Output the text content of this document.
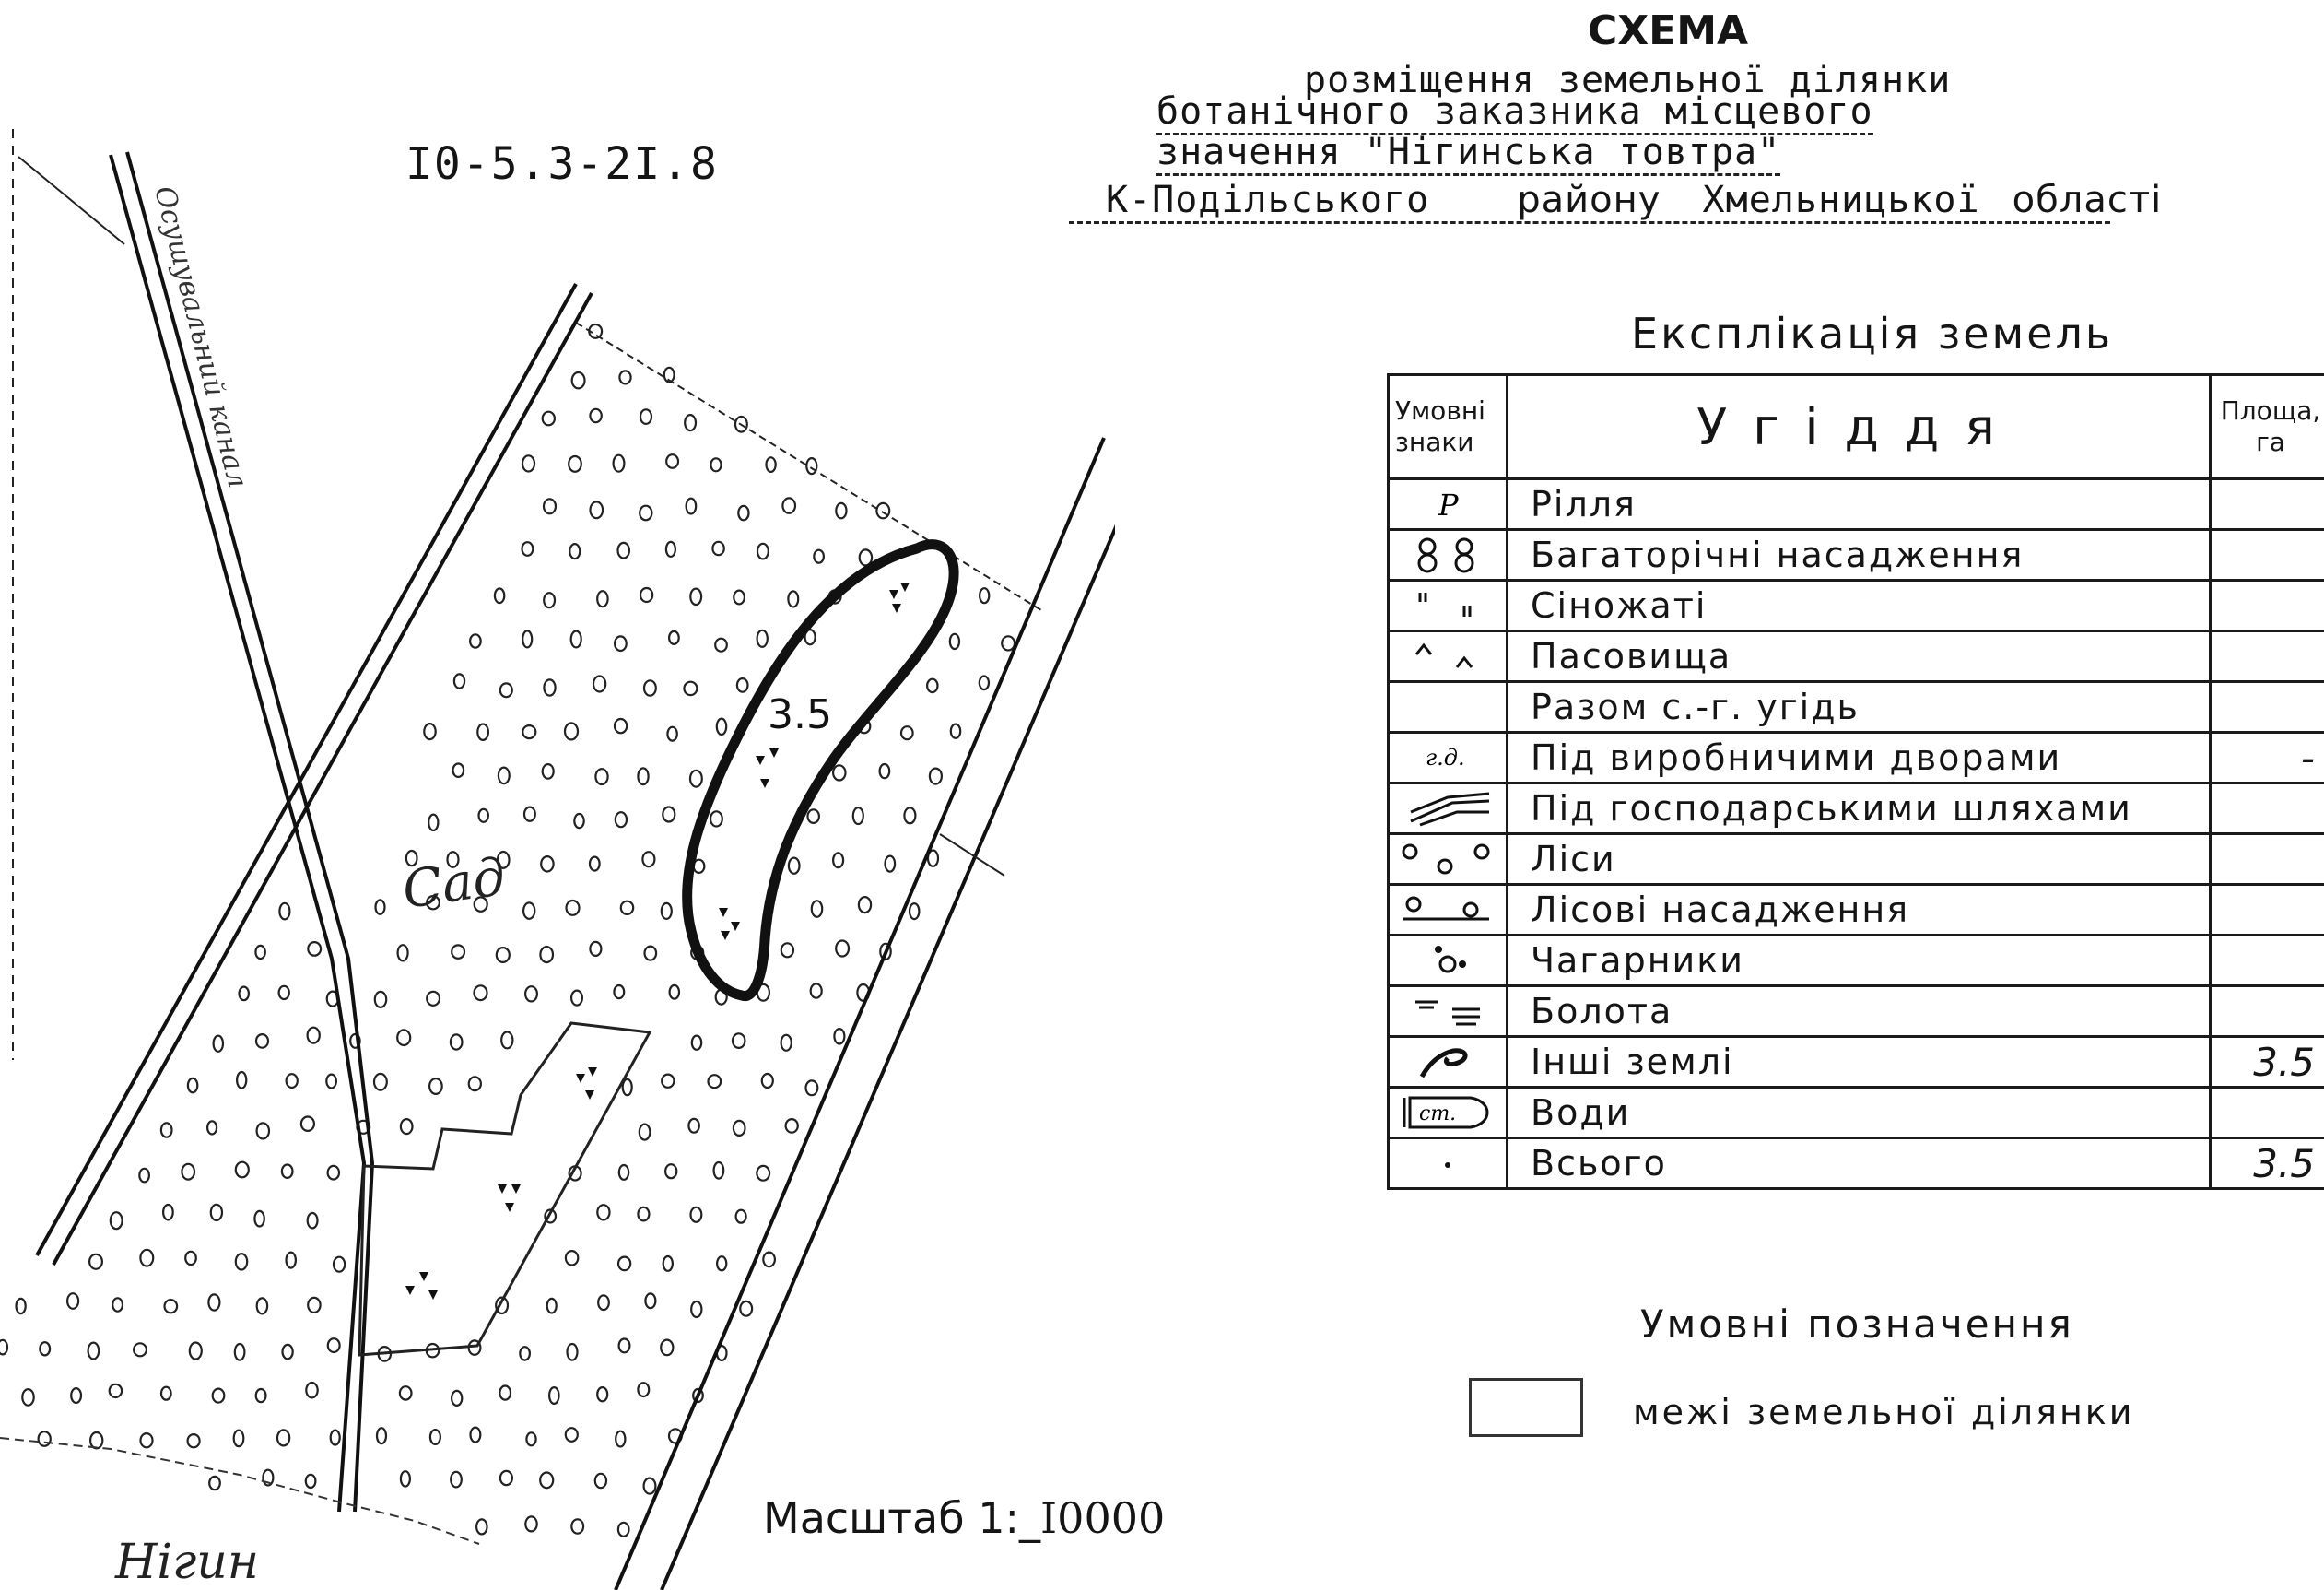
3.5
Сад
Осушувальний канал
Нігин
СХЕМА
розміщення земельної ділянки
ботанічного заказника місцевого
значення "Нігинська товтра"
К-Подільського району Хмельницької області
I0-5.3-2I.8
Експлікація земель
Умовні знаки	Угіддя	Площа, га

P	Рілля	

	Багаторічні насадження	

	Сіножаті	

	Пасовища	
	Разом с.-г. угідь	

г.д.	Під виробничими дворами	-

	Під господарськими шляхами	

	Ліси	

	Лісові насадження	

	Чагарники	

	Болота	

	Інші землі	3.5

ст.	Води	

	Всього	3.5
Умовні позначення
межі земельної ділянки
Масштаб 1:_I0000
